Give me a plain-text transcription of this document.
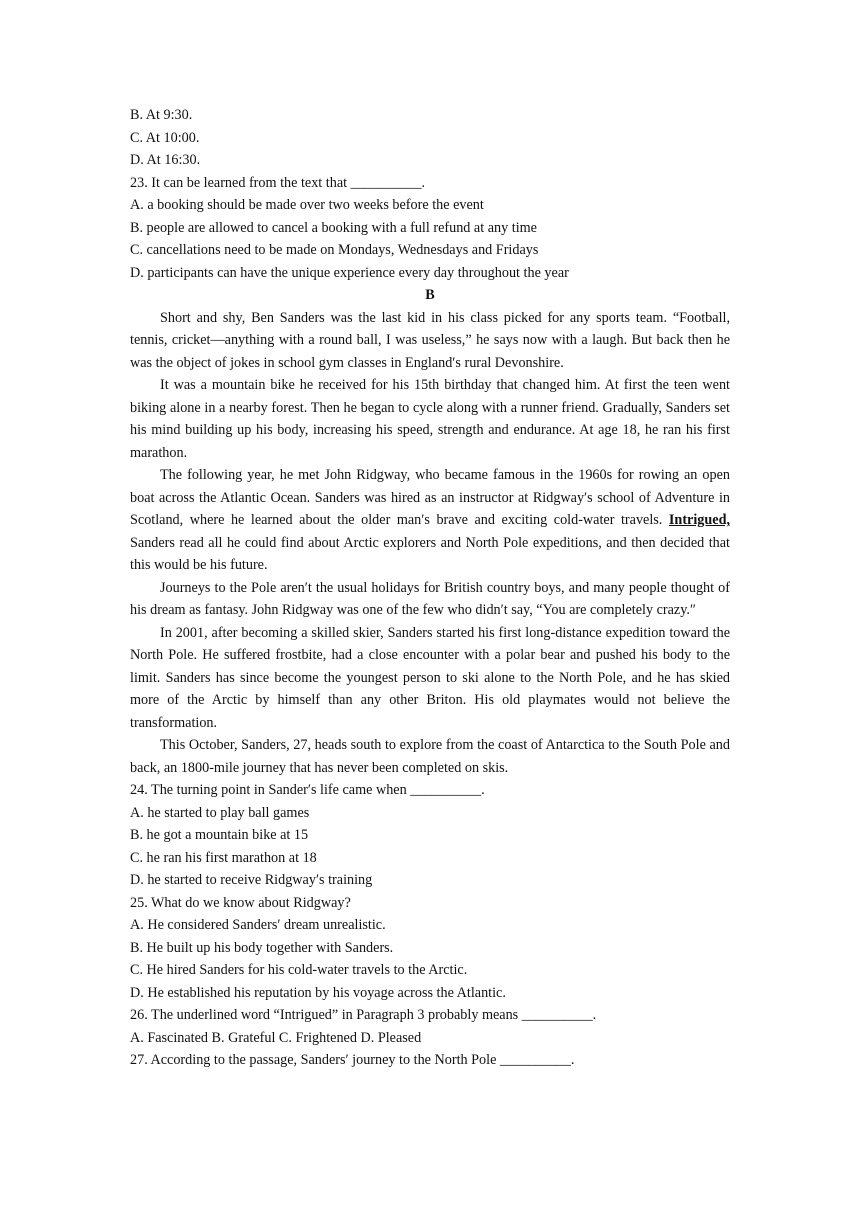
B. At 9:30.

C. At 10:00.

D. At 16:30.

23. It can be learned from the text that __________.

A. a booking should be made over two weeks before the event

B. people are allowed to cancel a booking with a full refund at any time

C. cancellations need to be made on Mondays, Wednesdays and Fridays

D. participants can have the unique experience every day throughout the year

B

Short and shy, Ben Sanders was the last kid in his class picked for any sports team. “Football, tennis, cricket—anything with a round ball, I was useless,” he says now with a laugh. But back then he was the object of jokes in school gym classes in England′s rural Devonshire.

It was a mountain bike he received for his 15th birthday that changed him. At first the teen went biking alone in a nearby forest. Then he began to cycle along with a runner friend. Gradually, Sanders set his mind building up his body, increasing his speed, strength and endurance. At age 18, he ran his first marathon.

The following year, he met John Ridgway, who became famous in the 1960s for rowing an open boat across the Atlantic Ocean. Sanders was hired as an instructor at Ridgway′s school of Adventure in Scotland, where he learned about the older man′s brave and exciting cold-water travels. Intrigued, Sanders read all he could find about Arctic explorers and North Pole expeditions, and then decided that this would be his future.

Journeys to the Pole aren′t the usual holidays for British country boys, and many people thought of his dream as fantasy. John Ridgway was one of the few who didn′t say, “You are completely crazy.″

In 2001, after becoming a skilled skier, Sanders started his first long-distance expedition toward the North Pole. He suffered frostbite, had a close encounter with a polar bear and pushed his body to the limit. Sanders has since become the youngest person to ski alone to the North Pole, and he has skied more of the Arctic by himself than any other Briton. His old playmates would not believe the transformation.

This October, Sanders, 27, heads south to explore from the coast of Antarctica to the South Pole and back, an 1800-mile journey that has never been completed on skis.

24. The turning point in Sander′s life came when __________.

A. he started to play ball games

B. he got a mountain bike at 15

C. he ran his first marathon at 18

D. he started to receive Ridgway′s training

25. What do we know about Ridgway?

A. He considered Sanders′ dream unrealistic.

B. He built up his body together with Sanders.

C. He hired Sanders for his cold-water travels to the Arctic.

D. He established his reputation by his voyage across the Atlantic.

26. The underlined word “Intrigued” in Paragraph 3 probably means __________.

A. Fascinated B. Grateful C. Frightened D. Pleased

27. According to the passage, Sanders′ journey to the North Pole __________.
